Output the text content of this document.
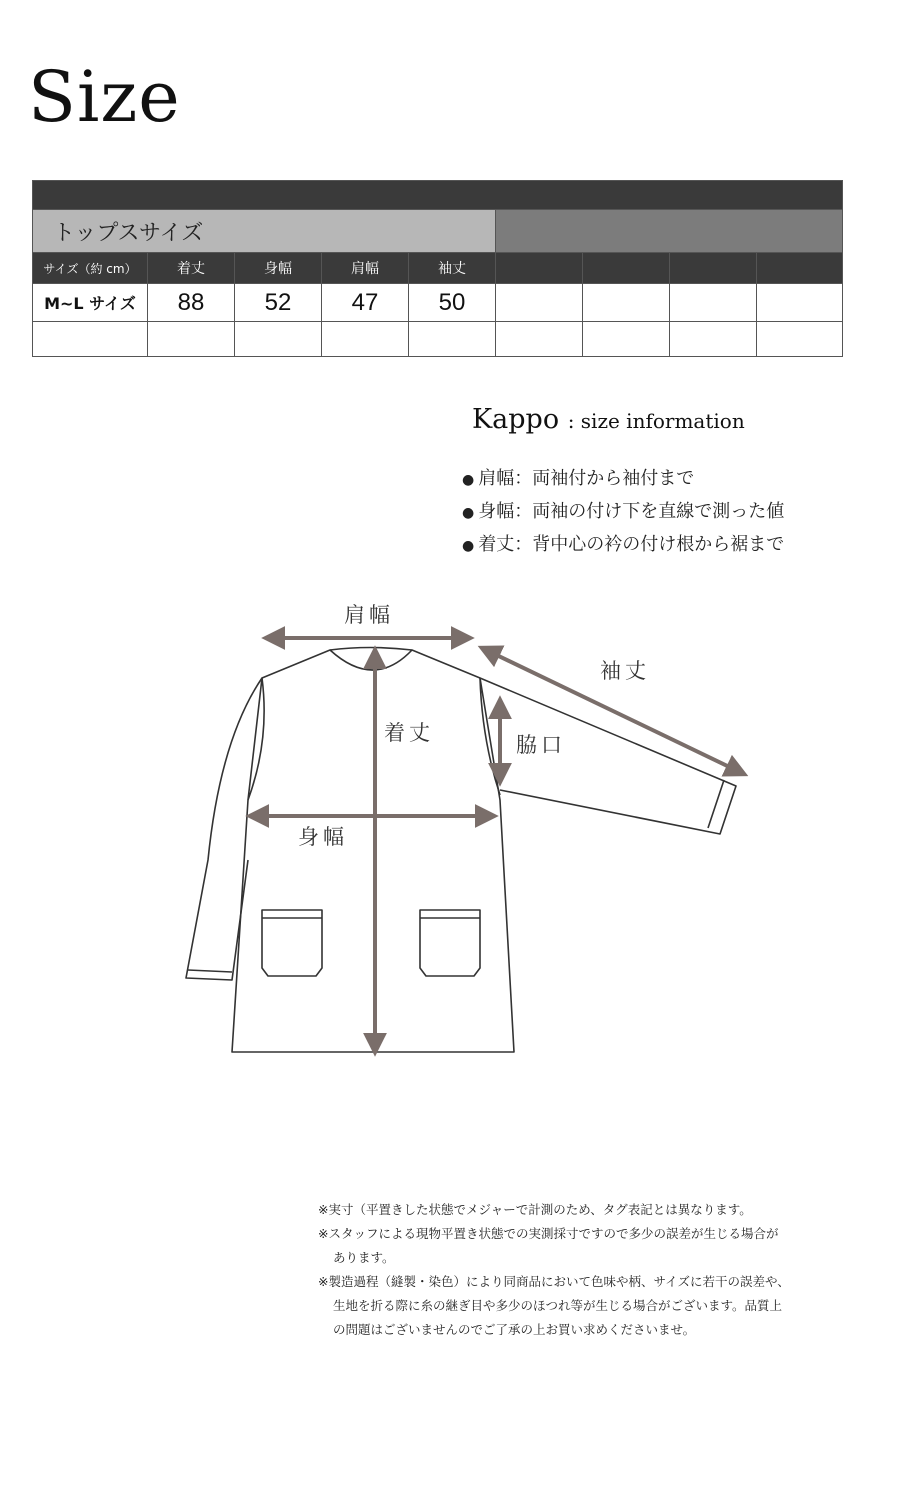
Size

トップスサイズ								
サイズ（約 cm）	着丈	身幅	肩幅	袖丈				
M~L サイズ	88	52	47	50				

Kappo : size information
● 肩幅：両袖付から袖付まで
● 身幅：両袖の付け下を直線で測った値
● 着丈：背中心の衿の付け根から裾まで
肩幅
袖丈
着丈	脇口
身幅

※実寸（平置きした状態でメジャーで計測のため、タグ表記とは異なります。

※スタッフによる現物平置き状態での実測採寸ですので多少の誤差が生じる場合が

あります。

※製造過程（縫製・染色）により同商品において色味や柄、サイズに若干の誤差や、

生地を折る際に糸の継ぎ目や多少のほつれ等が生じる場合がございます。品質上

の問題はございませんのでご了承の上お買い求めくださいませ。
